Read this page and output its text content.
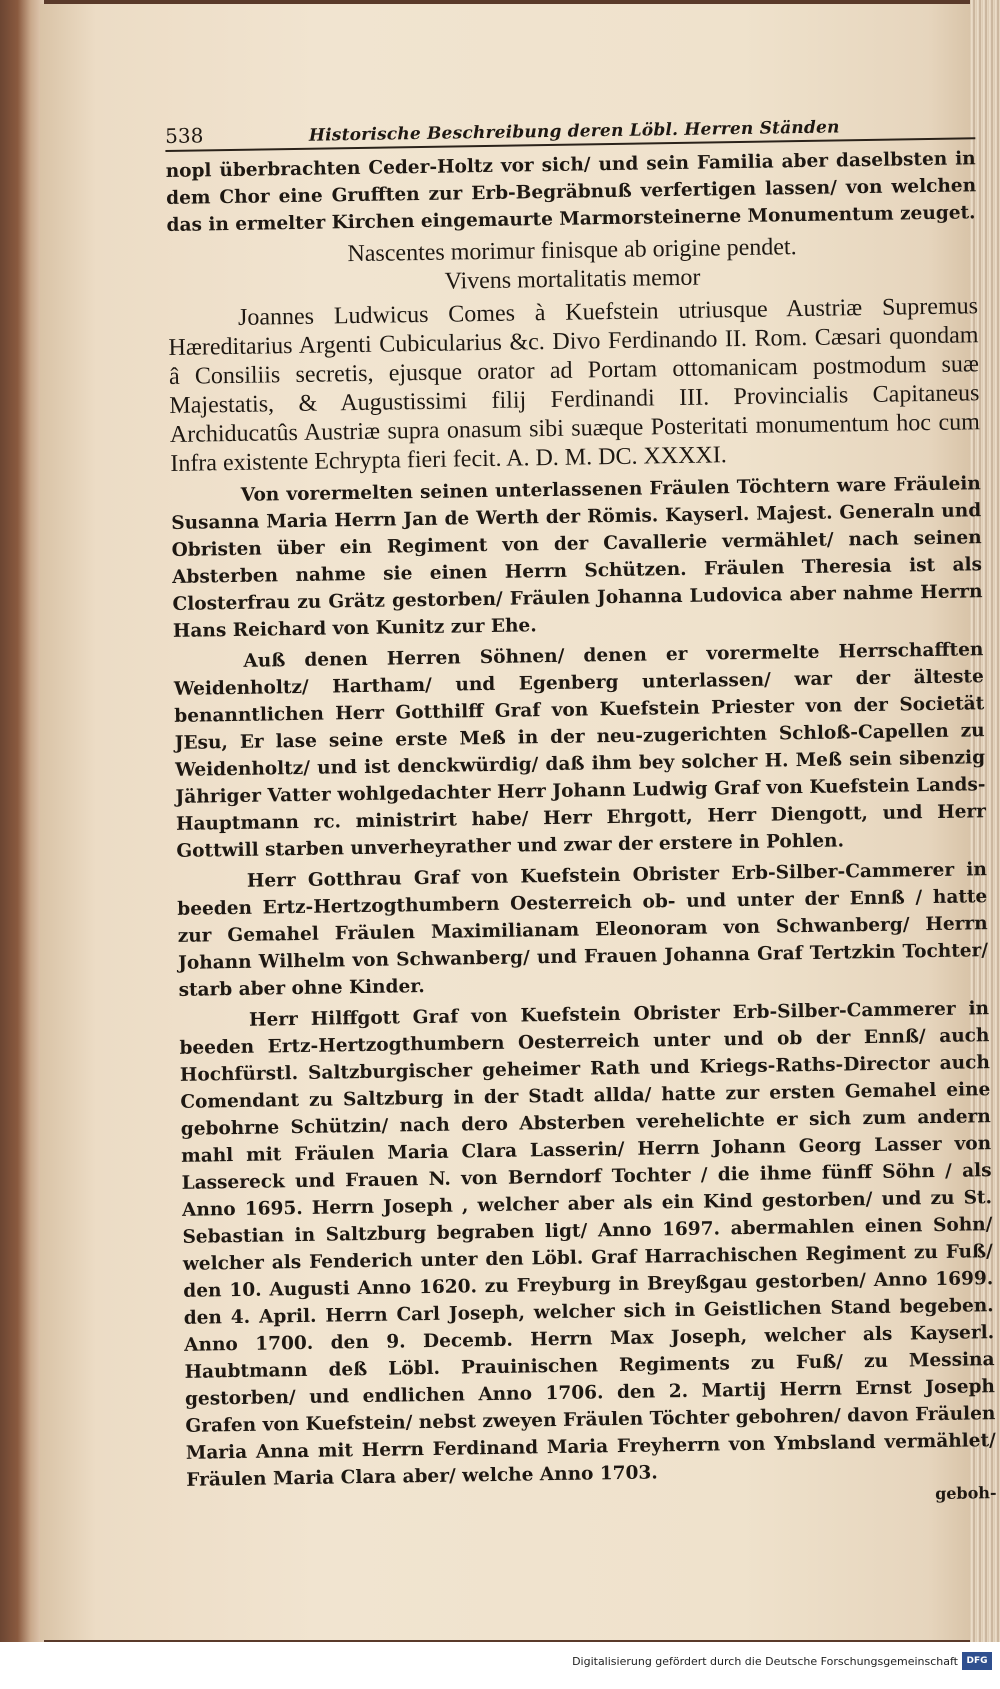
538	Historische Beschreibung deren Löbl. Herren Ständen

nopl überbrachten Ceder-Holtz vor sich/ und sein Familia aber daselbsten in dem Chor eine Grufften zur Erb-Begräbnuß verfertigen lassen/ von welchen das in ermelter Kirchen eingemaurte Marmorsteinerne Monumentum zeuget.

Nascentes morimur finisque ab origine pendet.

Vivens mortalitatis memor

Joannes Ludwicus Comes à Kuefstein utriusque Austriæ Supremus Hæreditarius Argenti Cubicularius &c. Divo Ferdinando II. Rom. Cæsari quondam â Consiliis secretis, ejusque orator ad Portam ottomanicam postmodum suæ Majestatis, & Augustissimi filij Ferdinandi III. Provincialis Capitaneus Archiducatûs Austriæ supra onasum sibi suæque Posteritati monumentum hoc cum Infra existente Echrypta fieri fecit. A. D. M. DC. XXXXI.

Von vorermelten seinen unterlassenen Fräulen Töchtern ware Fräulein Susanna Maria Herrn Jan de Werth der Römis. Kayserl. Majest. Generaln und Obristen über ein Regiment von der Cavallerie vermählet/ nach seinen Absterben nahme sie einen Herrn Schützen. Fräulen Theresia ist als Closterfrau zu Grätz gestorben/ Fräulen Johanna Ludovica aber nahme Herrn Hans Reichard von Kunitz zur Ehe.

Auß denen Herren Söhnen/ denen er vorermelte Herrschafften Weidenholtz/ Hartham/ und Egenberg unterlassen/ war der älteste benanntlichen Herr Gotthilff Graf von Kuefstein Priester von der Societät JEsu, Er lase seine erste Meß in der neu-zugerichten Schloß-Capellen zu Weidenholtz/ und ist denckwürdig/ daß ihm bey solcher H. Meß sein sibenzig Jähriger Vatter wohlgedachter Herr Johann Ludwig Graf von Kuefstein Lands-Hauptmann rc. ministrirt habe/ Herr Ehrgott, Herr Diengott, und Herr Gottwill starben unverheyrather und zwar der erstere in Pohlen.

Herr Gotthrau Graf von Kuefstein Obrister Erb-Silber-Cammerer in beeden Ertz-Hertzogthumbern Oesterreich ob- und unter der Ennß / hatte zur Gemahel Fräulen Maximilianam Eleonoram von Schwanberg/ Herrn Johann Wilhelm von Schwanberg/ und Frauen Johanna Graf Tertzkin Tochter/ starb aber ohne Kinder.

Herr Hilffgott Graf von Kuefstein Obrister Erb-Silber-Cammerer in beeden Ertz-Hertzogthumbern Oesterreich unter und ob der Ennß/ auch Hochfürstl. Saltzburgischer geheimer Rath und Kriegs-Raths-Director auch Comendant zu Saltzburg in der Stadt allda/ hatte zur ersten Gemahel eine gebohrne Schützin/ nach dero Absterben verehelichte er sich zum andern mahl mit Fräulen Maria Clara Lasserin/ Herrn Johann Georg Lasser von Lassereck und Frauen N. von Berndorf Tochter / die ihme fünff Söhn / als Anno 1695. Herrn Joseph , welcher aber als ein Kind gestorben/ und zu St. Sebastian in Saltzburg begraben ligt/ Anno 1697. abermahlen einen Sohn/ welcher als Fenderich unter den Löbl. Graf Harrachischen Regiment zu Fuß/ den 10. Augusti Anno 1620. zu Freyburg in Breyßgau gestorben/ Anno 1699. den 4. April. Herrn Carl Joseph, welcher sich in Geistlichen Stand begeben. Anno 1700. den 9. Decemb. Herrn Max Joseph, welcher als Kayserl. Haubtmann deß Löbl. Prauinischen Regiments zu Fuß/ zu Messina gestorben/ und endlichen Anno 1706. den 2. Martij Herrn Ernst Joseph Grafen von Kuefstein/ nebst zweyen Fräulen Töchter gebohren/ davon Fräulen Maria Anna mit Herrn Ferdinand Maria Freyherrn von Ymbsland vermählet/ Fräulen Maria Clara aber/ welche Anno 1703.

geboh-
Digitalisierung gefördert durch die Deutsche Forschungsgemeinschaft DFG
